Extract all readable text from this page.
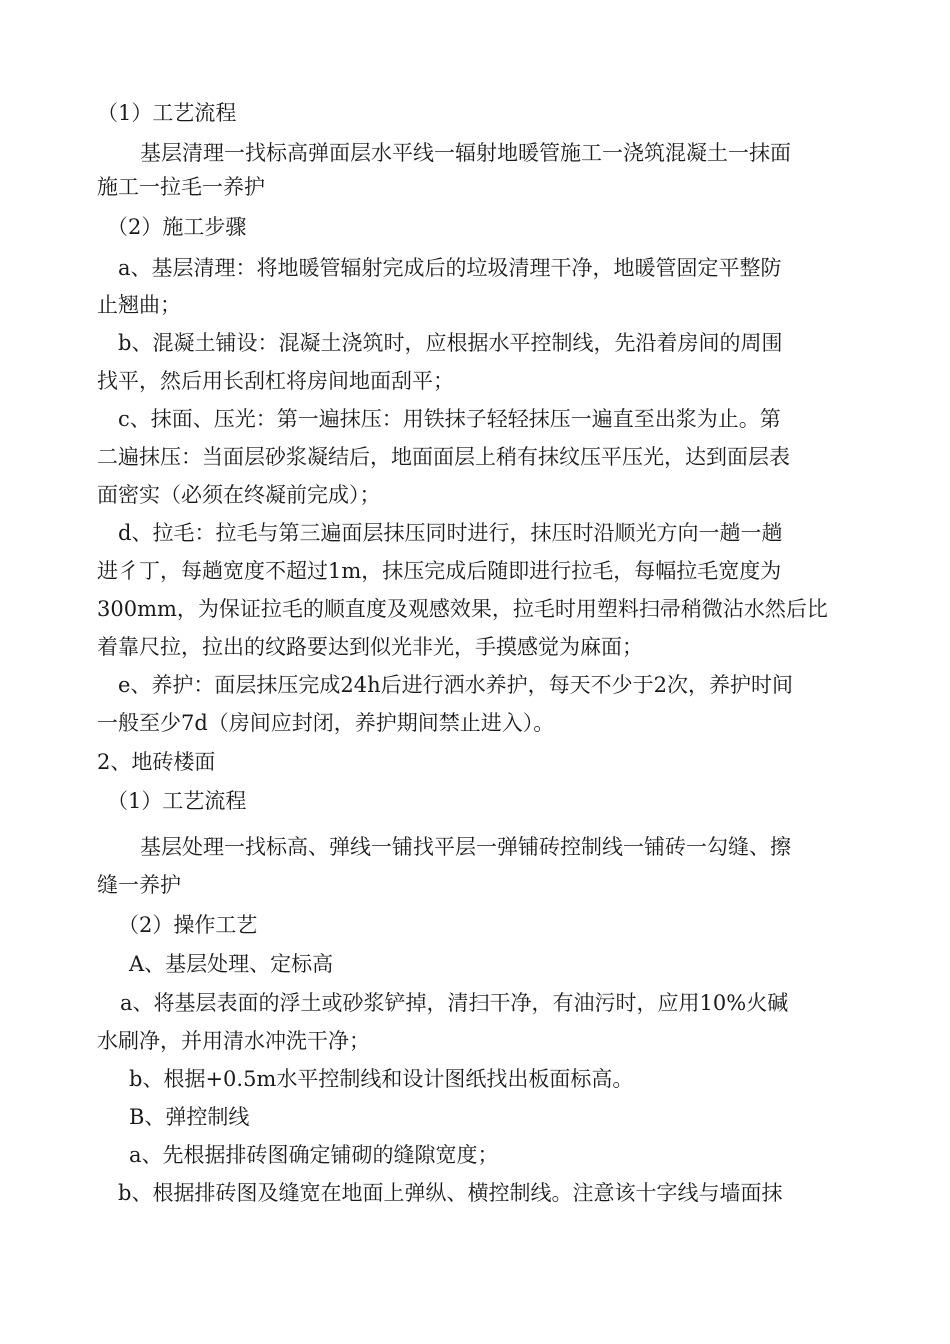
（1）工艺流程
基层清理一找标高弹面层水平线一辐射地暖管施工一浇筑混凝土一抹面
施工一拉毛一养护
（2）施工步骤
a、基层清理：将地暖管辐射完成后的垃圾清理干净，地暖管固定平整防
止翘曲；
b、混凝土铺设：混凝土浇筑时，应根据水平控制线，先沿着房间的周围
找平，然后用长刮杠将房间地面刮平；
c、抹面、压光：第一遍抹压：用铁抹子轻轻抹压一遍直至出浆为止。第
二遍抹压：当面层砂浆凝结后，地面面层上稍有抹纹压平压光，达到面层表
面密实（必须在终凝前完成）；
d、拉毛：拉毛与第三遍面层抹压同时进行，抹压时沿顺光方向一趟一趟
进彳丁，每趟宽度不超过1m，抹压完成后随即进行拉毛，每幅拉毛宽度为
300mm，为保证拉毛的顺直度及观感效果，拉毛时用塑料扫帚稍微沾水然后比
着靠尺拉，拉出的纹路要达到似光非光，手摸感觉为麻面；
e、养护：面层抹压完成24h后进行洒水养护，每天不少于2次，养护时间
一般至少7d（房间应封闭，养护期间禁止进入）。
2、地砖楼面
（1）工艺流程
基层处理一找标高、弹线一铺找平层一弹铺砖控制线一铺砖一勾缝、擦
缝一养护
（2）操作工艺
A、基层处理、定标高
a、将基层表面的浮土或砂浆铲掉，清扫干净，有油污时，应用10%火碱
水刷净，并用清水冲洗干净；
b、根据+0.5m水平控制线和设计图纸找出板面标高。
B、弹控制线
a、先根据排砖图确定铺砌的缝隙宽度；
b、根据排砖图及缝宽在地面上弹纵、横控制线。注意该十字线与墙面抹
